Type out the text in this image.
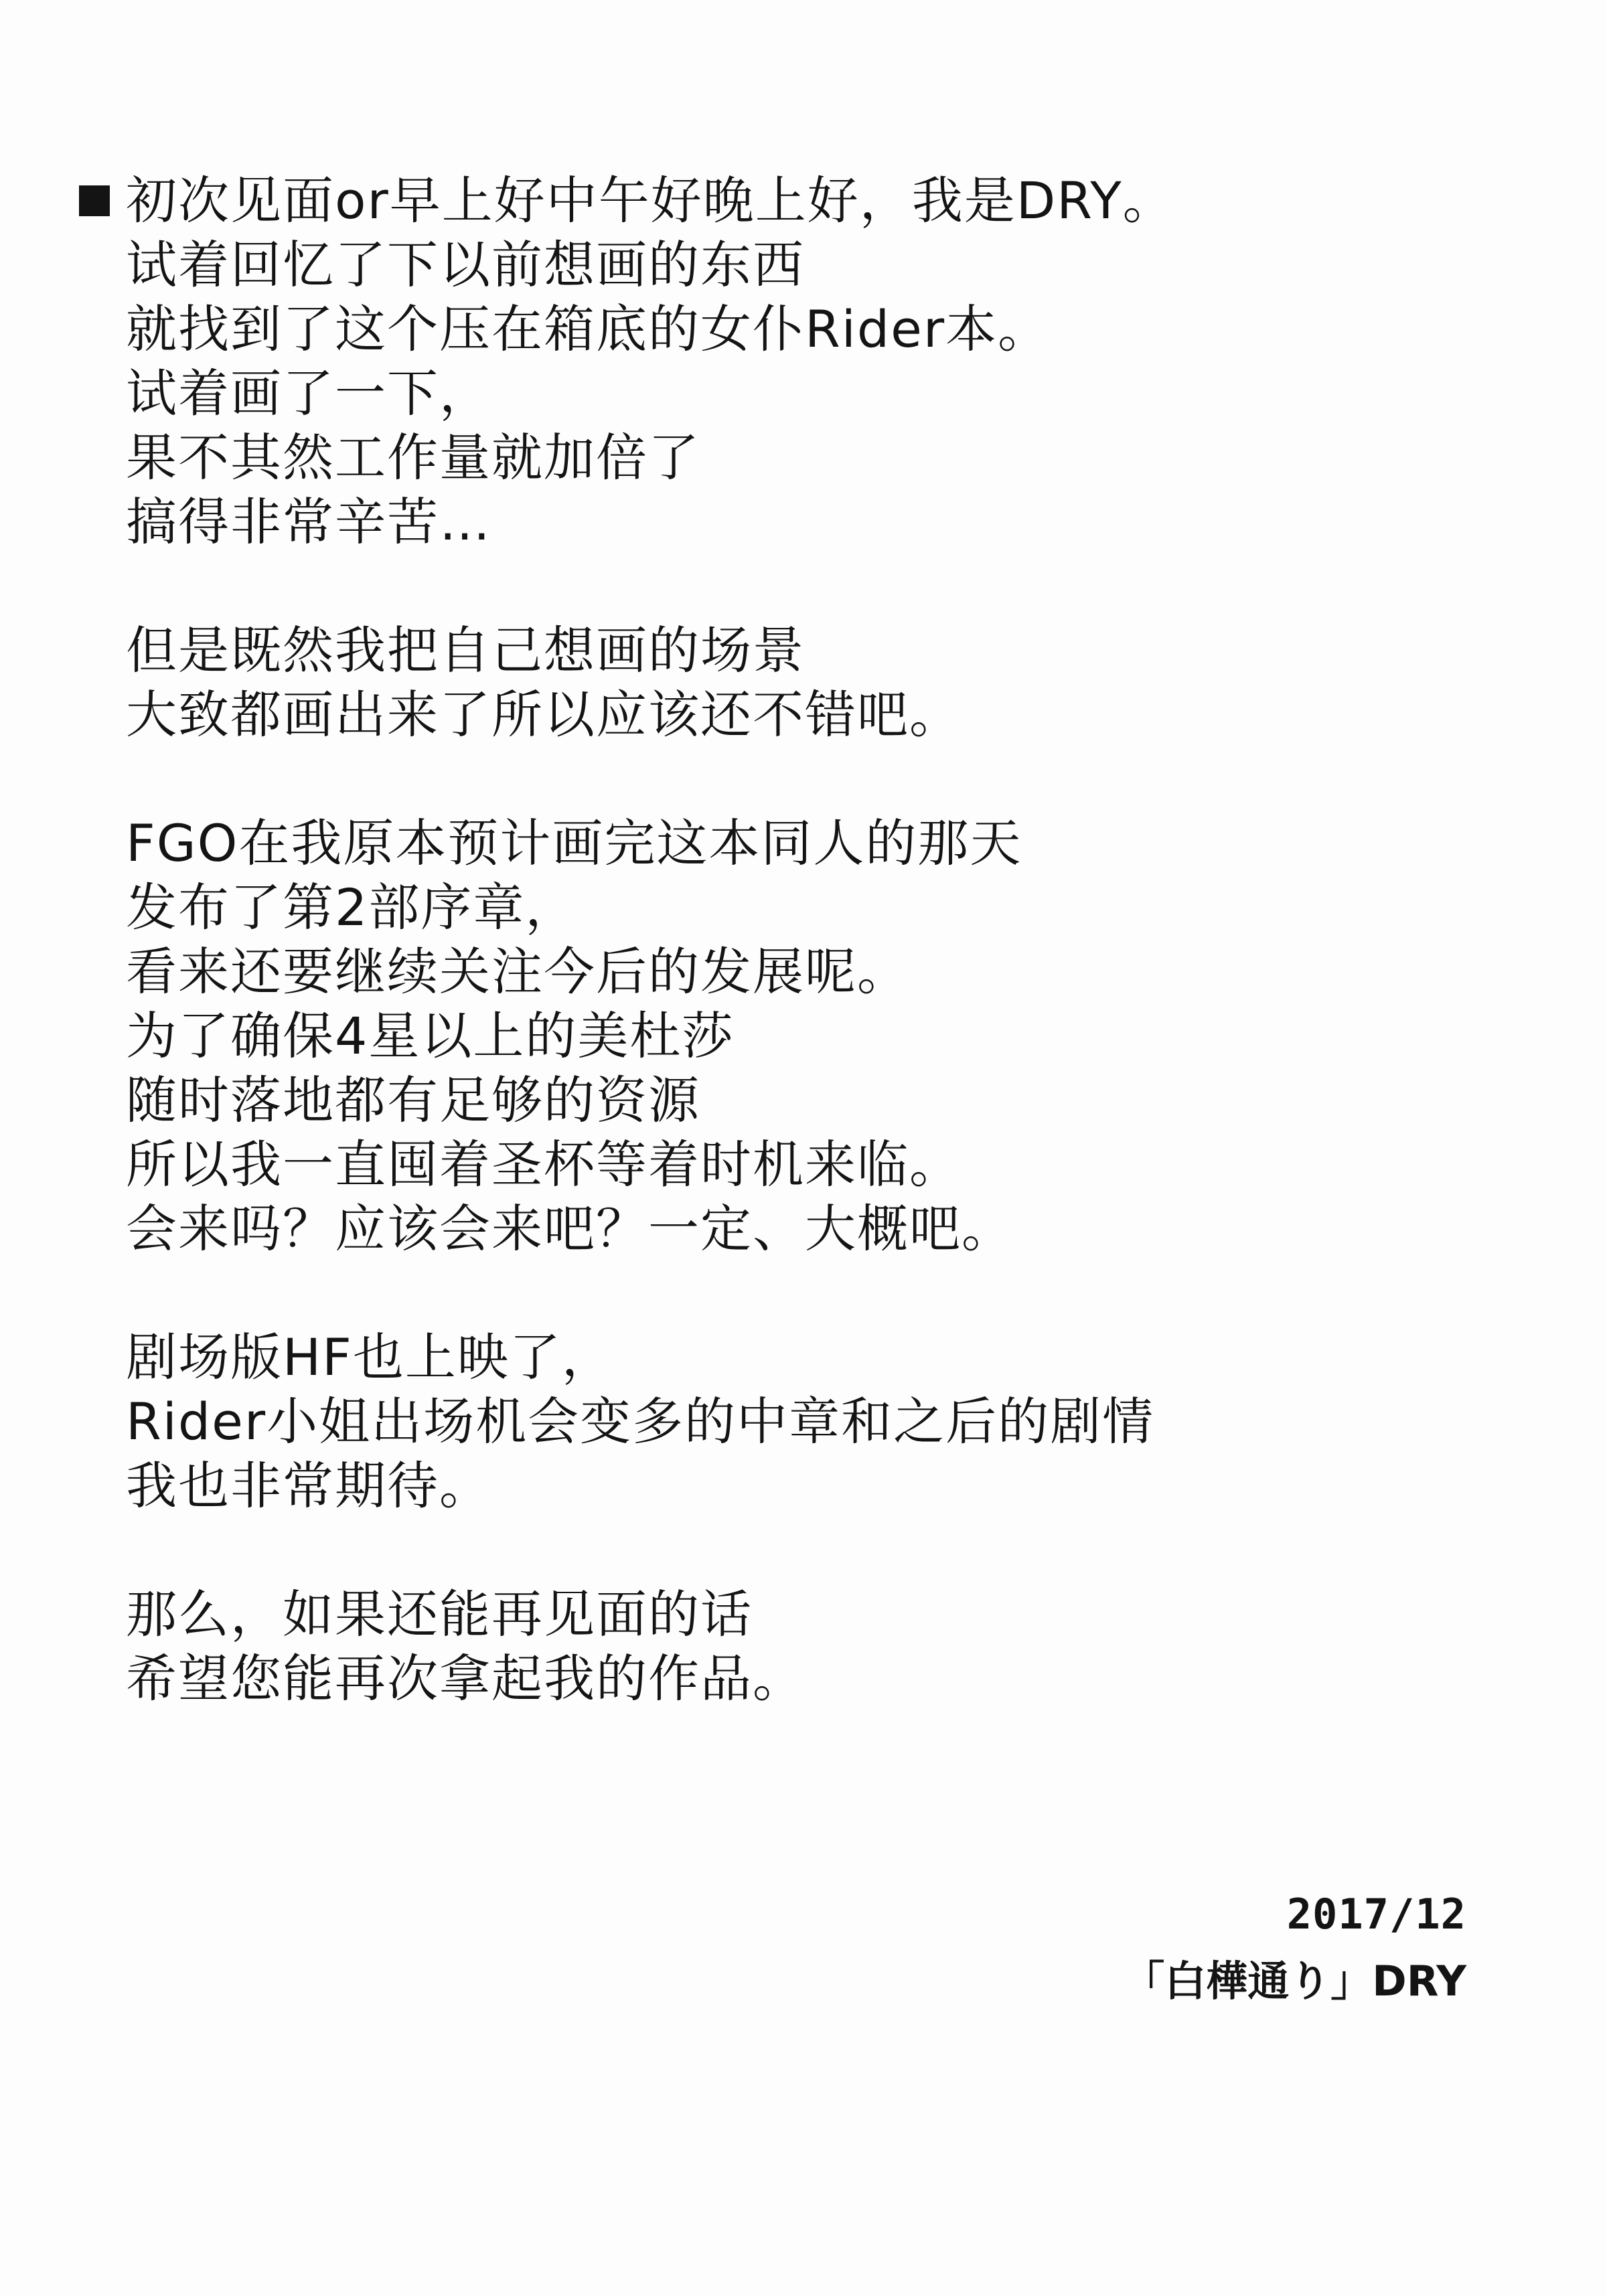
初次见面or早上好中午好晚上好，我是DRY。
试着回忆了下以前想画的东西
就找到了这个压在箱底的女仆Rider本。
试着画了一下，
果不其然工作量就加倍了
搞得非常辛苦…
但是既然我把自己想画的场景
大致都画出来了所以应该还不错吧。
FGO在我原本预计画完这本同人的那天
发布了第2部序章，
看来还要继续关注今后的发展呢。
为了确保4星以上的美杜莎
随时落地都有足够的资源
所以我一直囤着圣杯等着时机来临。
会来吗？应该会来吧？一定、大概吧。
剧场版HF也上映了，
Rider小姐出场机会变多的中章和之后的剧情
我也非常期待。
那么，如果还能再见面的话
希望您能再次拿起我的作品。
2017/12
「白樺通り」DRY
